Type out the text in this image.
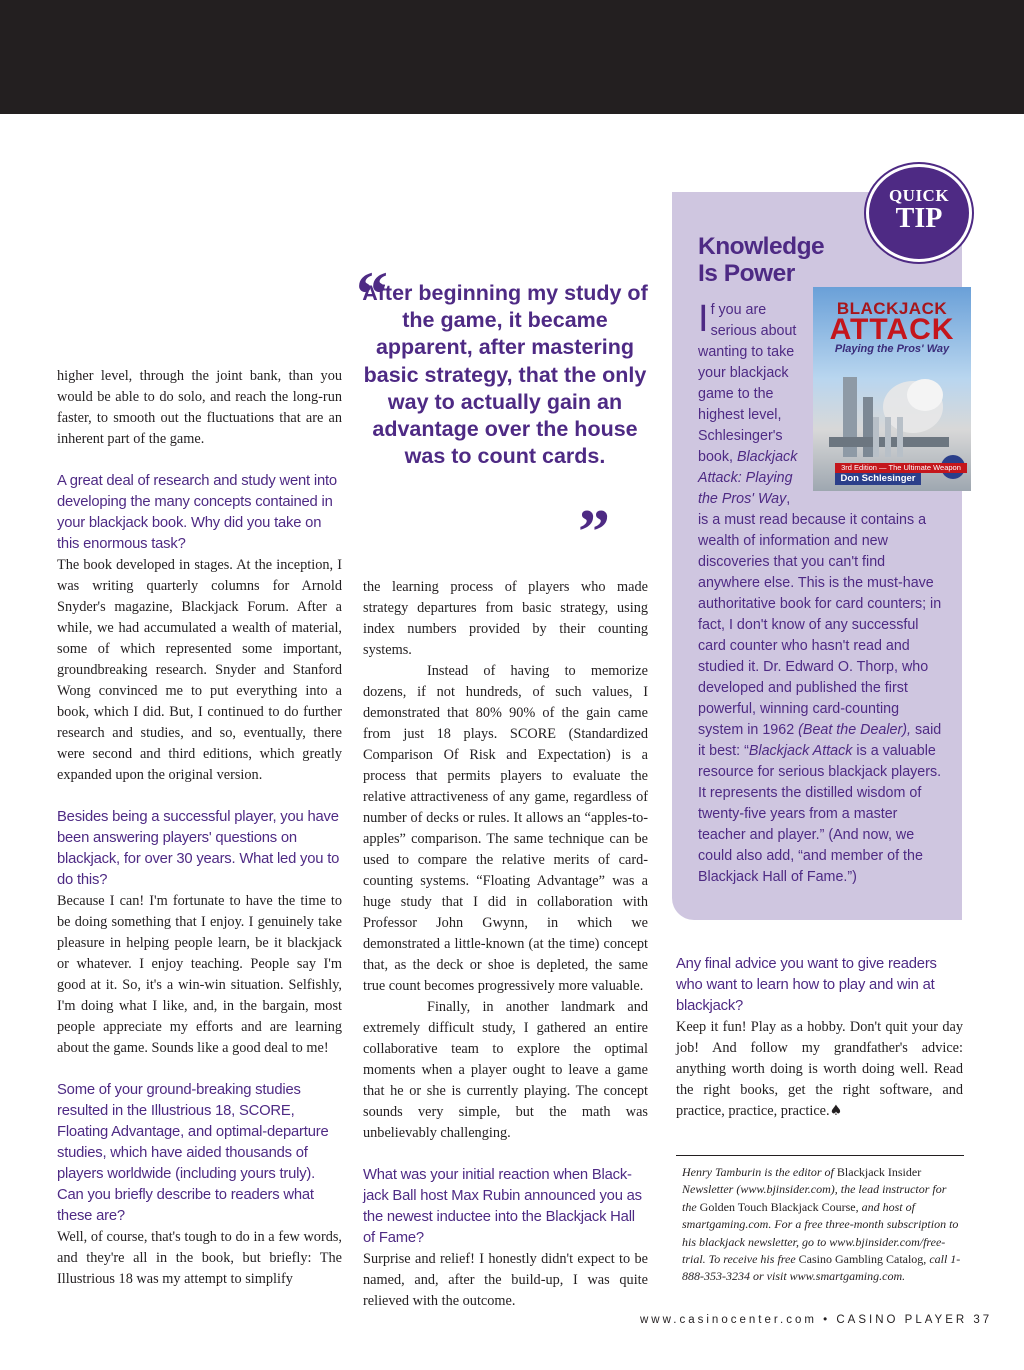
higher level, through the joint bank, than you would be able to do solo, and reach the long-run faster, to smooth out the fluctuations that are an inherent part of the game.

A great deal of research and study went into developing the many concepts contained in your blackjack book. Why did you take on this enormous task?

The book developed in stages. At the inception, I was writing quarterly columns for Arnold Snyder's magazine, Blackjack Forum. After a while, we had accumulated a wealth of material, some of which represented some important, groundbreaking research. Snyder and Stanford Wong convinced me to put everything into a book, which I did. But, I continued to do further research and studies, and so, eventually, there were second and third editions, which greatly expanded upon the original version.

Besides being a successful player, you have been answering players' questions on blackjack, for over 30 years. What led you to do this?

Because I can! I'm fortunate to have the time to be doing something that I enjoy. I genuinely take pleasure in helping people learn, be it blackjack or whatever. I enjoy teaching. People say I'm good at it. So, it's a win-win situation. Selfishly, I'm doing what I like, and, in the bargain, most people appreciate my efforts and are learning about the game. Sounds like a good deal to me!

Some of your ground-breaking studies resulted in the Illustrious 18, SCORE, Floating Advantage, and optimal-departure studies, which have aided thousands of players worldwide (including yours truly). Can you briefly describe to readers what these are?

Well, of course, that's tough to do in a few words, and they're all in the book, but briefly: The Illustrious 18 was my attempt to simplify

“
After beginning my study of the game, it became apparent, after mastering basic strategy, that the only way to actually gain an advantage over the house was to count cards.
”

the learning process of players who made strategy departures from basic strategy, using index numbers provided by their counting systems.

Instead of having to memorize dozens, if not hundreds, of such values, I demonstrated that 80% 90% of the gain came from just 18 plays. SCORE (Standardized Comparison Of Risk and Expectation) is a process that permits players to evaluate the relative attractiveness of any game, regardless of number of decks or rules. It allows an “apples-to-apples” comparison. The same technique can be used to compare the relative merits of card-counting systems. “Floating Advantage” was a huge study that I did in collaboration with Professor John Gwynn, in which we demonstrated a little-known (at the time) concept that, as the deck or shoe is depleted, the same true count becomes progressively more valuable.

Finally, in another landmark and extremely difficult study, I gathered an entire collaborative team to explore the optimal moments when a player ought to leave a game that he or she is currently playing. The concept sounds very simple, but the math was unbelievably challenging.

What was your initial reaction when Black-jack Ball host Max Rubin announced you as the newest inductee into the Blackjack Hall of Fame?

Surprise and relief! I honestly didn't expect to be named, and, after the build-up, I was quite relieved with the outcome.

QUICK
TIP
Knowledge
Is Power
If you are serious about wanting to take your blackjack game to the highest level, Schlesinger's book, Blackjack Attack: Playing the Pros' Way,
is a must read because it contains a wealth of information and new discoveries that you can't find anywhere else. This is the must-have authoritative book for card counters; in fact, I don't know of any successful card counter who hasn't read and studied it. Dr. Edward O. Thorp, who developed and published the first powerful, winning card-counting system in 1962 (Beat the Dealer), said it best: “Blackjack Attack is a valuable resource for serious blackjack players. It represents the distilled wisdom of twenty-five years from a master teacher and player.” (And now, we could also add, “and member of the Blackjack Hall of Fame.”)
BLACKJACK
ATTACK
Playing the Pros' Way
3rd Edition — The Ultimate Weapon
Don Schlesinger

Any final advice you want to give readers who want to learn how to play and win at blackjack?

Keep it fun! Play as a hobby. Don't quit your day job! And follow my grandfather's advice: anything worth doing is worth doing well. Read the right books, get the right software, and practice, practice, practice.♠

Henry Tamburin is the editor of Blackjack Insider Newsletter (www.bjinsider.com), the lead instructor for the Golden Touch Blackjack Course, and host of smartgaming.com. For a free three-month subscription to his blackjack newsletter, go to www.bjinsider.com/free-trial. To receive his free Casino Gambling Catalog, call 1-888-353-3234 or visit www.smartgaming.com.
www.casinocenter.com • CASINO PLAYER 37
